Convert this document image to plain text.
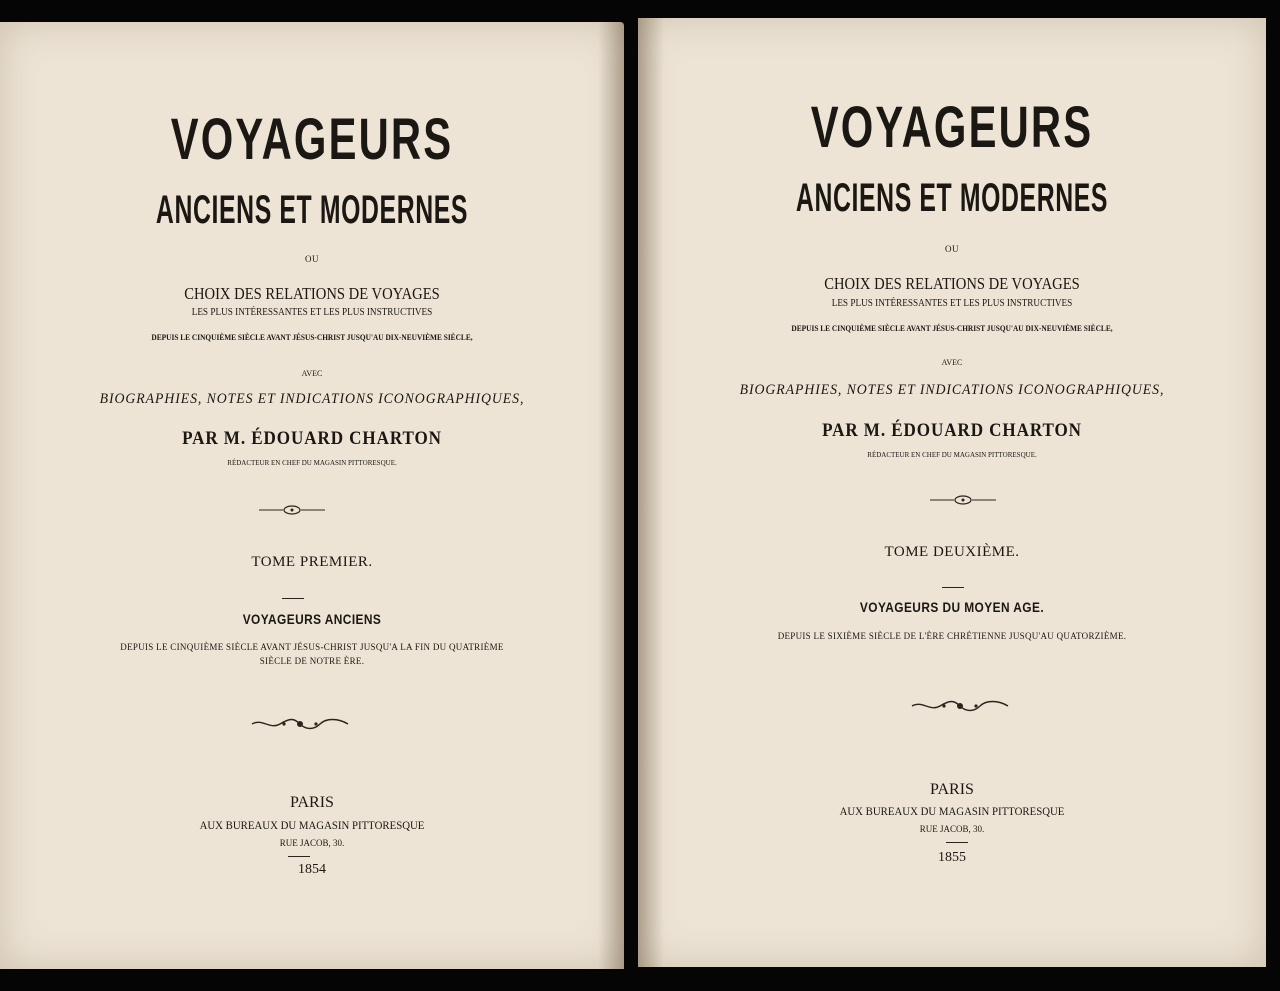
VOYAGEURS
ANCIENS ET MODERNES
OU
CHOIX DES RELATIONS DE VOYAGES
LES PLUS INTÉRESSANTES ET LES PLUS INSTRUCTIVES
DEPUIS LE CINQUIÈME SIÈCLE AVANT JÉSUS-CHRIST JUSQU'AU DIX-NEUVIÈME SIÈCLE,
AVEC
BIOGRAPHIES, NOTES ET INDICATIONS ICONOGRAPHIQUES,
PAR M. ÉDOUARD CHARTON
RÉDACTEUR EN CHEF DU MAGASIN PITTORESQUE.
TOME PREMIER.
VOYAGEURS ANCIENS
DEPUIS LE CINQUIÈME SIÈCLE AVANT JÉSUS-CHRIST JUSQU'A LA FIN DU QUATRIÈME
SIÈCLE DE NOTRE ÈRE.
PARIS
AUX BUREAUX DU MAGASIN PITTORESQUE
RUE JACOB, 30.
1854
VOYAGEURS
ANCIENS ET MODERNES
OU
CHOIX DES RELATIONS DE VOYAGES
LES PLUS INTÉRESSANTES ET LES PLUS INSTRUCTIVES
DEPUIS LE CINQUIÈME SIÈCLE AVANT JÉSUS-CHRIST JUSQU'AU DIX-NEUVIÈME SIÈCLE,
AVEC
BIOGRAPHIES, NOTES ET INDICATIONS ICONOGRAPHIQUES,
PAR M. ÉDOUARD CHARTON
RÉDACTEUR EN CHEF DU MAGASIN PITTORESQUE.
TOME DEUXIÈME.
VOYAGEURS DU MOYEN AGE.
DEPUIS LE SIXIÈME SIÈCLE DE L'ÈRE CHRÉTIENNE JUSQU'AU QUATORZIÈME.
PARIS
AUX BUREAUX DU MAGASIN PITTORESQUE
RUE JACOB, 30.
1855
